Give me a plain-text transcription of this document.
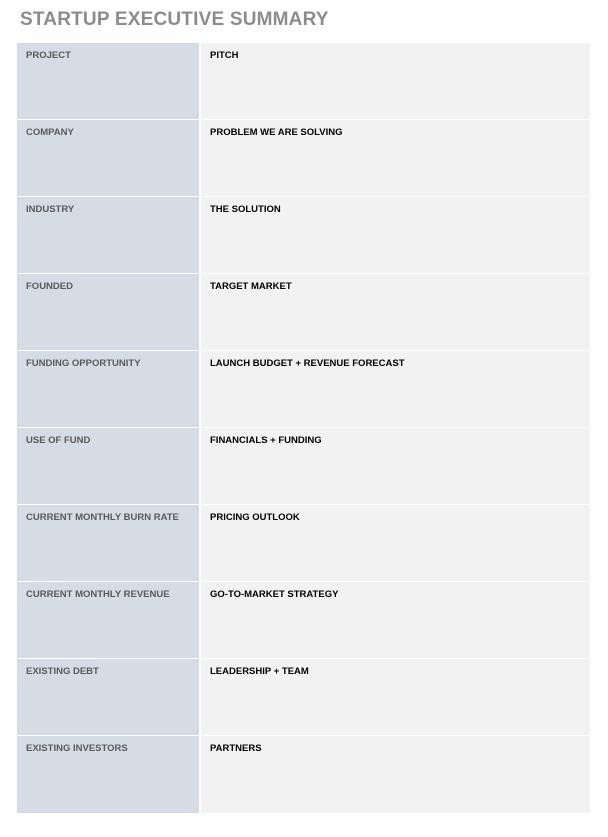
STARTUP EXECUTIVE SUMMARY
PROJECT	PITCH
COMPANY	PROBLEM WE ARE SOLVING
INDUSTRY	THE SOLUTION
FOUNDED	TARGET MARKET
FUNDING OPPORTUNITY	LAUNCH BUDGET + REVENUE FORECAST
USE OF FUND	FINANCIALS + FUNDING
CURRENT MONTHLY BURN RATE	PRICING OUTLOOK
CURRENT MONTHLY REVENUE	GO-TO-MARKET STRATEGY
EXISTING DEBT	LEADERSHIP + TEAM
EXISTING INVESTORS	PARTNERS
